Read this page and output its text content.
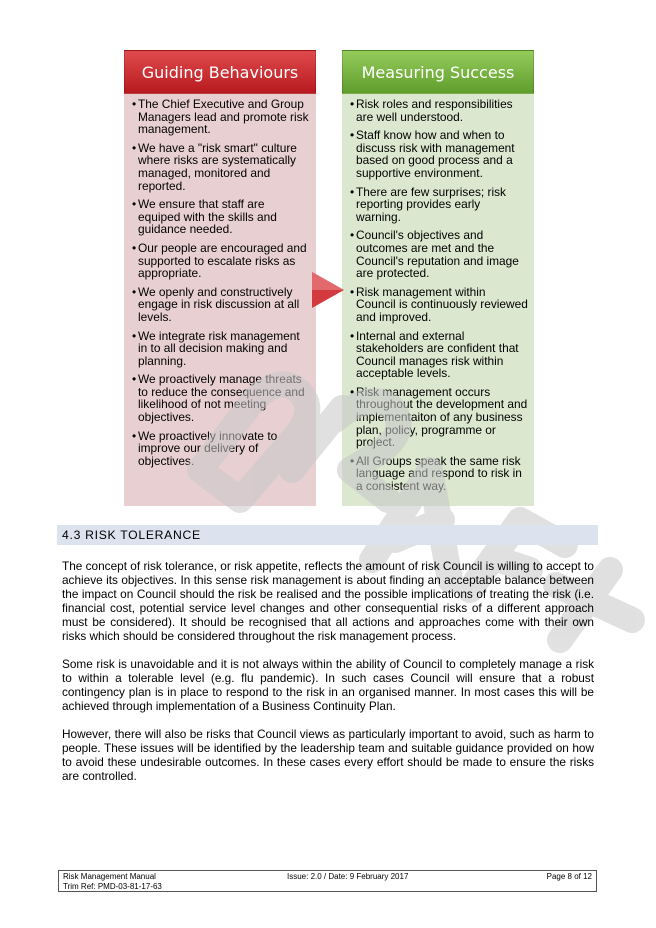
Guiding Behaviours
• The Chief Executive and Group Managers lead and promote risk management.
• We have a "risk smart" culture where risks are systematically managed, monitored and reported.
• We ensure that staff are equiped with the skills and guidance needed.
• Our people are encouraged and supported to escalate risks as appropriate.
• We openly and constructively engage in risk discussion at all levels.
• We integrate risk management in to all decision making and planning.
• We proactively manage threats to reduce the consequence and likelihood of not meeting objectives.
• We proactively innovate to improve our delivery of objectives.
Measuring Success
• Risk roles and responsibilities are well understood.
• Staff know how and when to discuss risk with management based on good process and a supportive environment.
• There are few surprises; risk reporting provides early warning.
• Council's objectives and outcomes are met and the Council's reputation and image are protected.
• Risk management within Council is continuously reviewed and improved.
• Internal and external stakeholders are confident that Council manages risk within acceptable levels.
• Risk management occurs throughout the development and implementaiton of any business plan, policy, programme or project.
• All Groups speak the same risk language and respond to risk in a consistent way.
4.3 RISK TOLERANCE

The concept of risk tolerance, or risk appetite, reflects the amount of risk Council is willing to accept to achieve its objectives. In this sense risk management is about finding an acceptable balance between the impact on Council should the risk be realised and the possible implications of treating the risk (i.e. financial cost, potential service level changes and other consequential risks of a different approach must be considered). It should be recognised that all actions and approaches come with their own risks which should be considered throughout the risk management process.

Some risk is unavoidable and it is not always within the ability of Council to completely manage a risk to within a tolerable level (e.g. flu pandemic). In such cases Council will ensure that a robust contingency plan is in place to respond to the risk in an organised manner. In most cases this will be achieved through implementation of a Business Continuity Plan.

However, there will also be risks that Council views as particularly important to avoid, such as harm to people. These issues will be identified by the leadership team and suitable guidance provided on how to avoid these undesirable outcomes. In these cases every effort should be made to ensure the risks are controlled.

Risk Management Manual
Trim Ref: PMD-03-81-17-63
Issue: 2.0 / Date: 9 February 2017	Page 8 of 12
